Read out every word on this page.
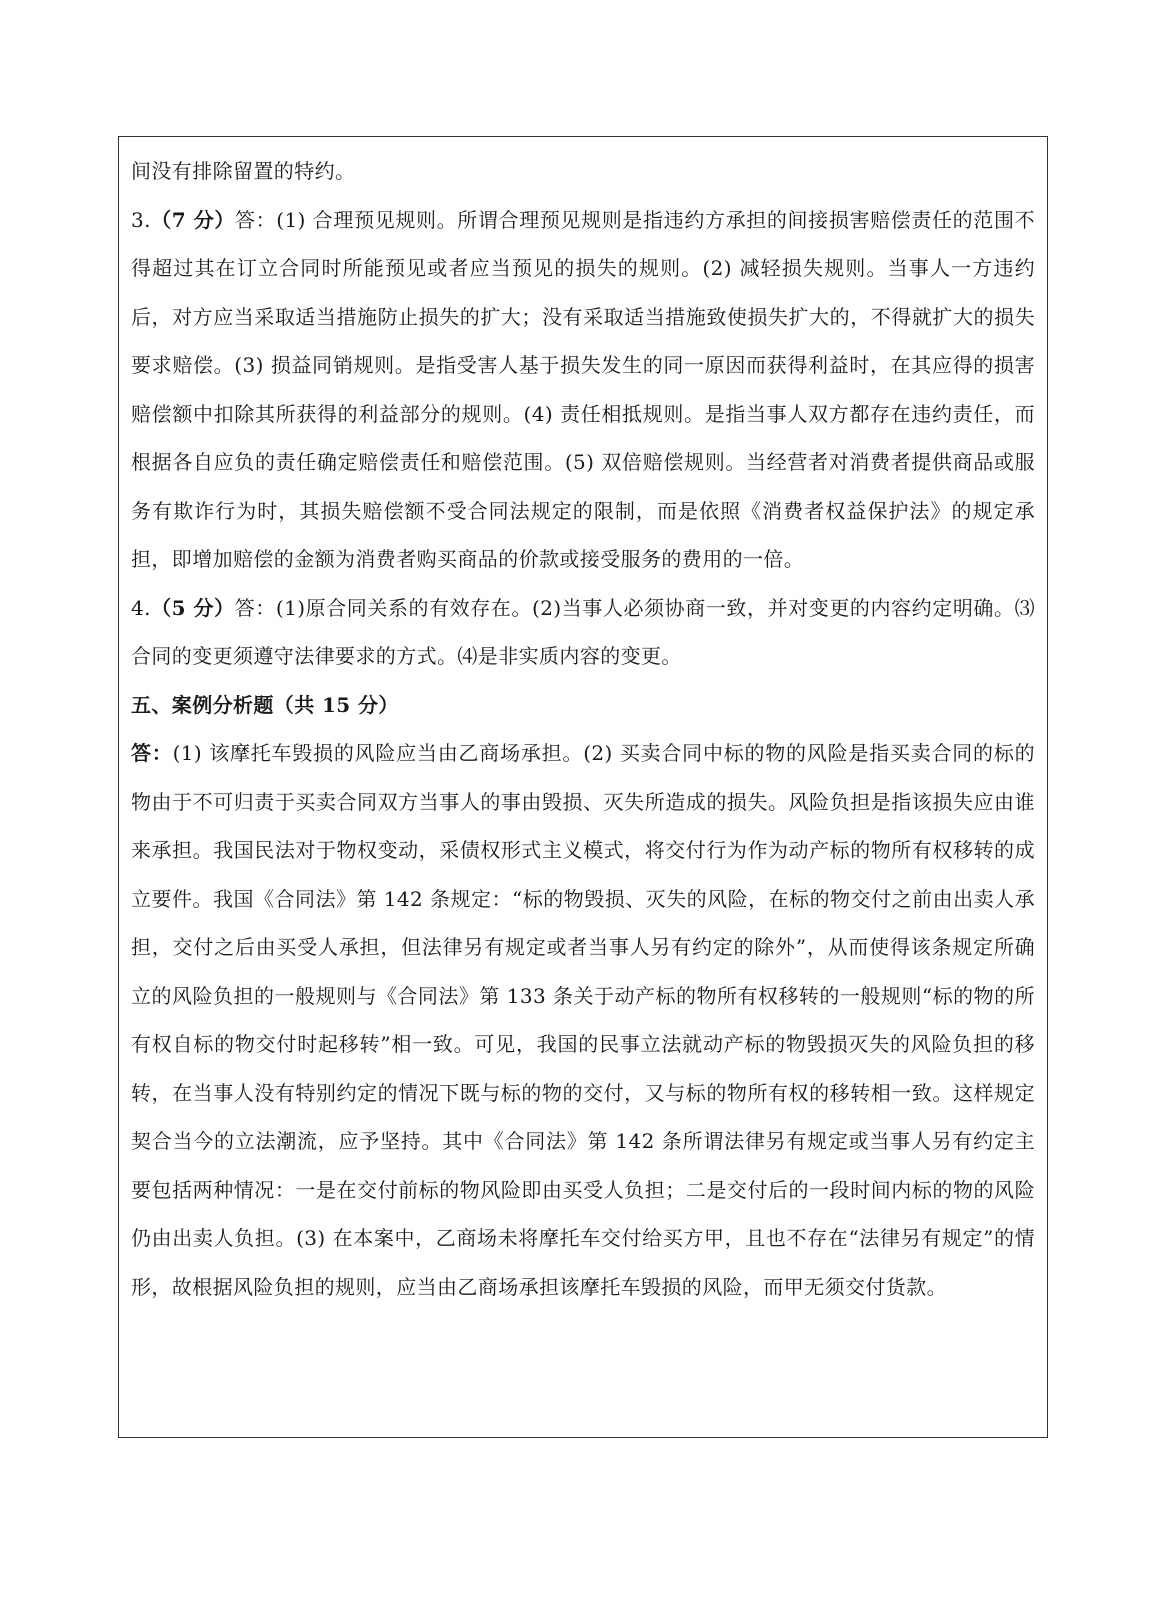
间没有排除留置的特约。

3.（7 分）答：(1) 合理预见规则。所谓合理预见规则是指违约方承担的间接损害赔偿责任的范围不得超过其在订立合同时所能预见或者应当预见的损失的规则。(2) 减轻损失规则。当事人一方违约后，对方应当采取适当措施防止损失的扩大；没有采取适当措施致使损失扩大的，不得就扩大的损失要求赔偿。(3) 损益同销规则。是指受害人基于损失发生的同一原因而获得利益时，在其应得的损害赔偿额中扣除其所获得的利益部分的规则。(4) 责任相抵规则。是指当事人双方都存在违约责任，而根据各自应负的责任确定赔偿责任和赔偿范围。(5) 双倍赔偿规则。当经营者对消费者提供商品或服务有欺诈行为时，其损失赔偿额不受合同法规定的限制，而是依照《消费者权益保护法》的规定承担，即增加赔偿的金额为消费者购买商品的价款或接受服务的费用的一倍。

4.（5 分）答：(1)原合同关系的有效存在。(2)当事人必须协商一致，并对变更的内容约定明确。⑶合同的变更须遵守法律要求的方式。⑷是非实质内容的变更。

五、案例分析题（共 15 分）

答：(1) 该摩托车毁损的风险应当由乙商场承担。(2) 买卖合同中标的物的风险是指买卖合同的标的物由于不可归责于买卖合同双方当事人的事由毁损、灭失所造成的损失。风险负担是指该损失应由谁来承担。我国民法对于物权变动，采债权形式主义模式，将交付行为作为动产标的物所有权移转的成立要件。我国《合同法》第 142 条规定：“标的物毁损、灭失的风险，在标的物交付之前由出卖人承担，交付之后由买受人承担，但法律另有规定或者当事人另有约定的除外”，从而使得该条规定所确立的风险负担的一般规则与《合同法》第 133 条关于动产标的物所有权移转的一般规则“标的物的所有权自标的物交付时起移转”相一致。可见，我国的民事立法就动产标的物毁损灭失的风险负担的移转，在当事人没有特别约定的情况下既与标的物的交付，又与标的物所有权的移转相一致。这样规定契合当今的立法潮流，应予坚持。其中《合同法》第 142 条所谓法律另有规定或当事人另有约定主要包括两种情况：一是在交付前标的物风险即由买受人负担；二是交付后的一段时间内标的物的风险仍由出卖人负担。(3) 在本案中，乙商场未将摩托车交付给买方甲，且也不存在“法律另有规定”的情形，故根据风险负担的规则，应当由乙商场承担该摩托车毁损的风险，而甲无须交付货款。
